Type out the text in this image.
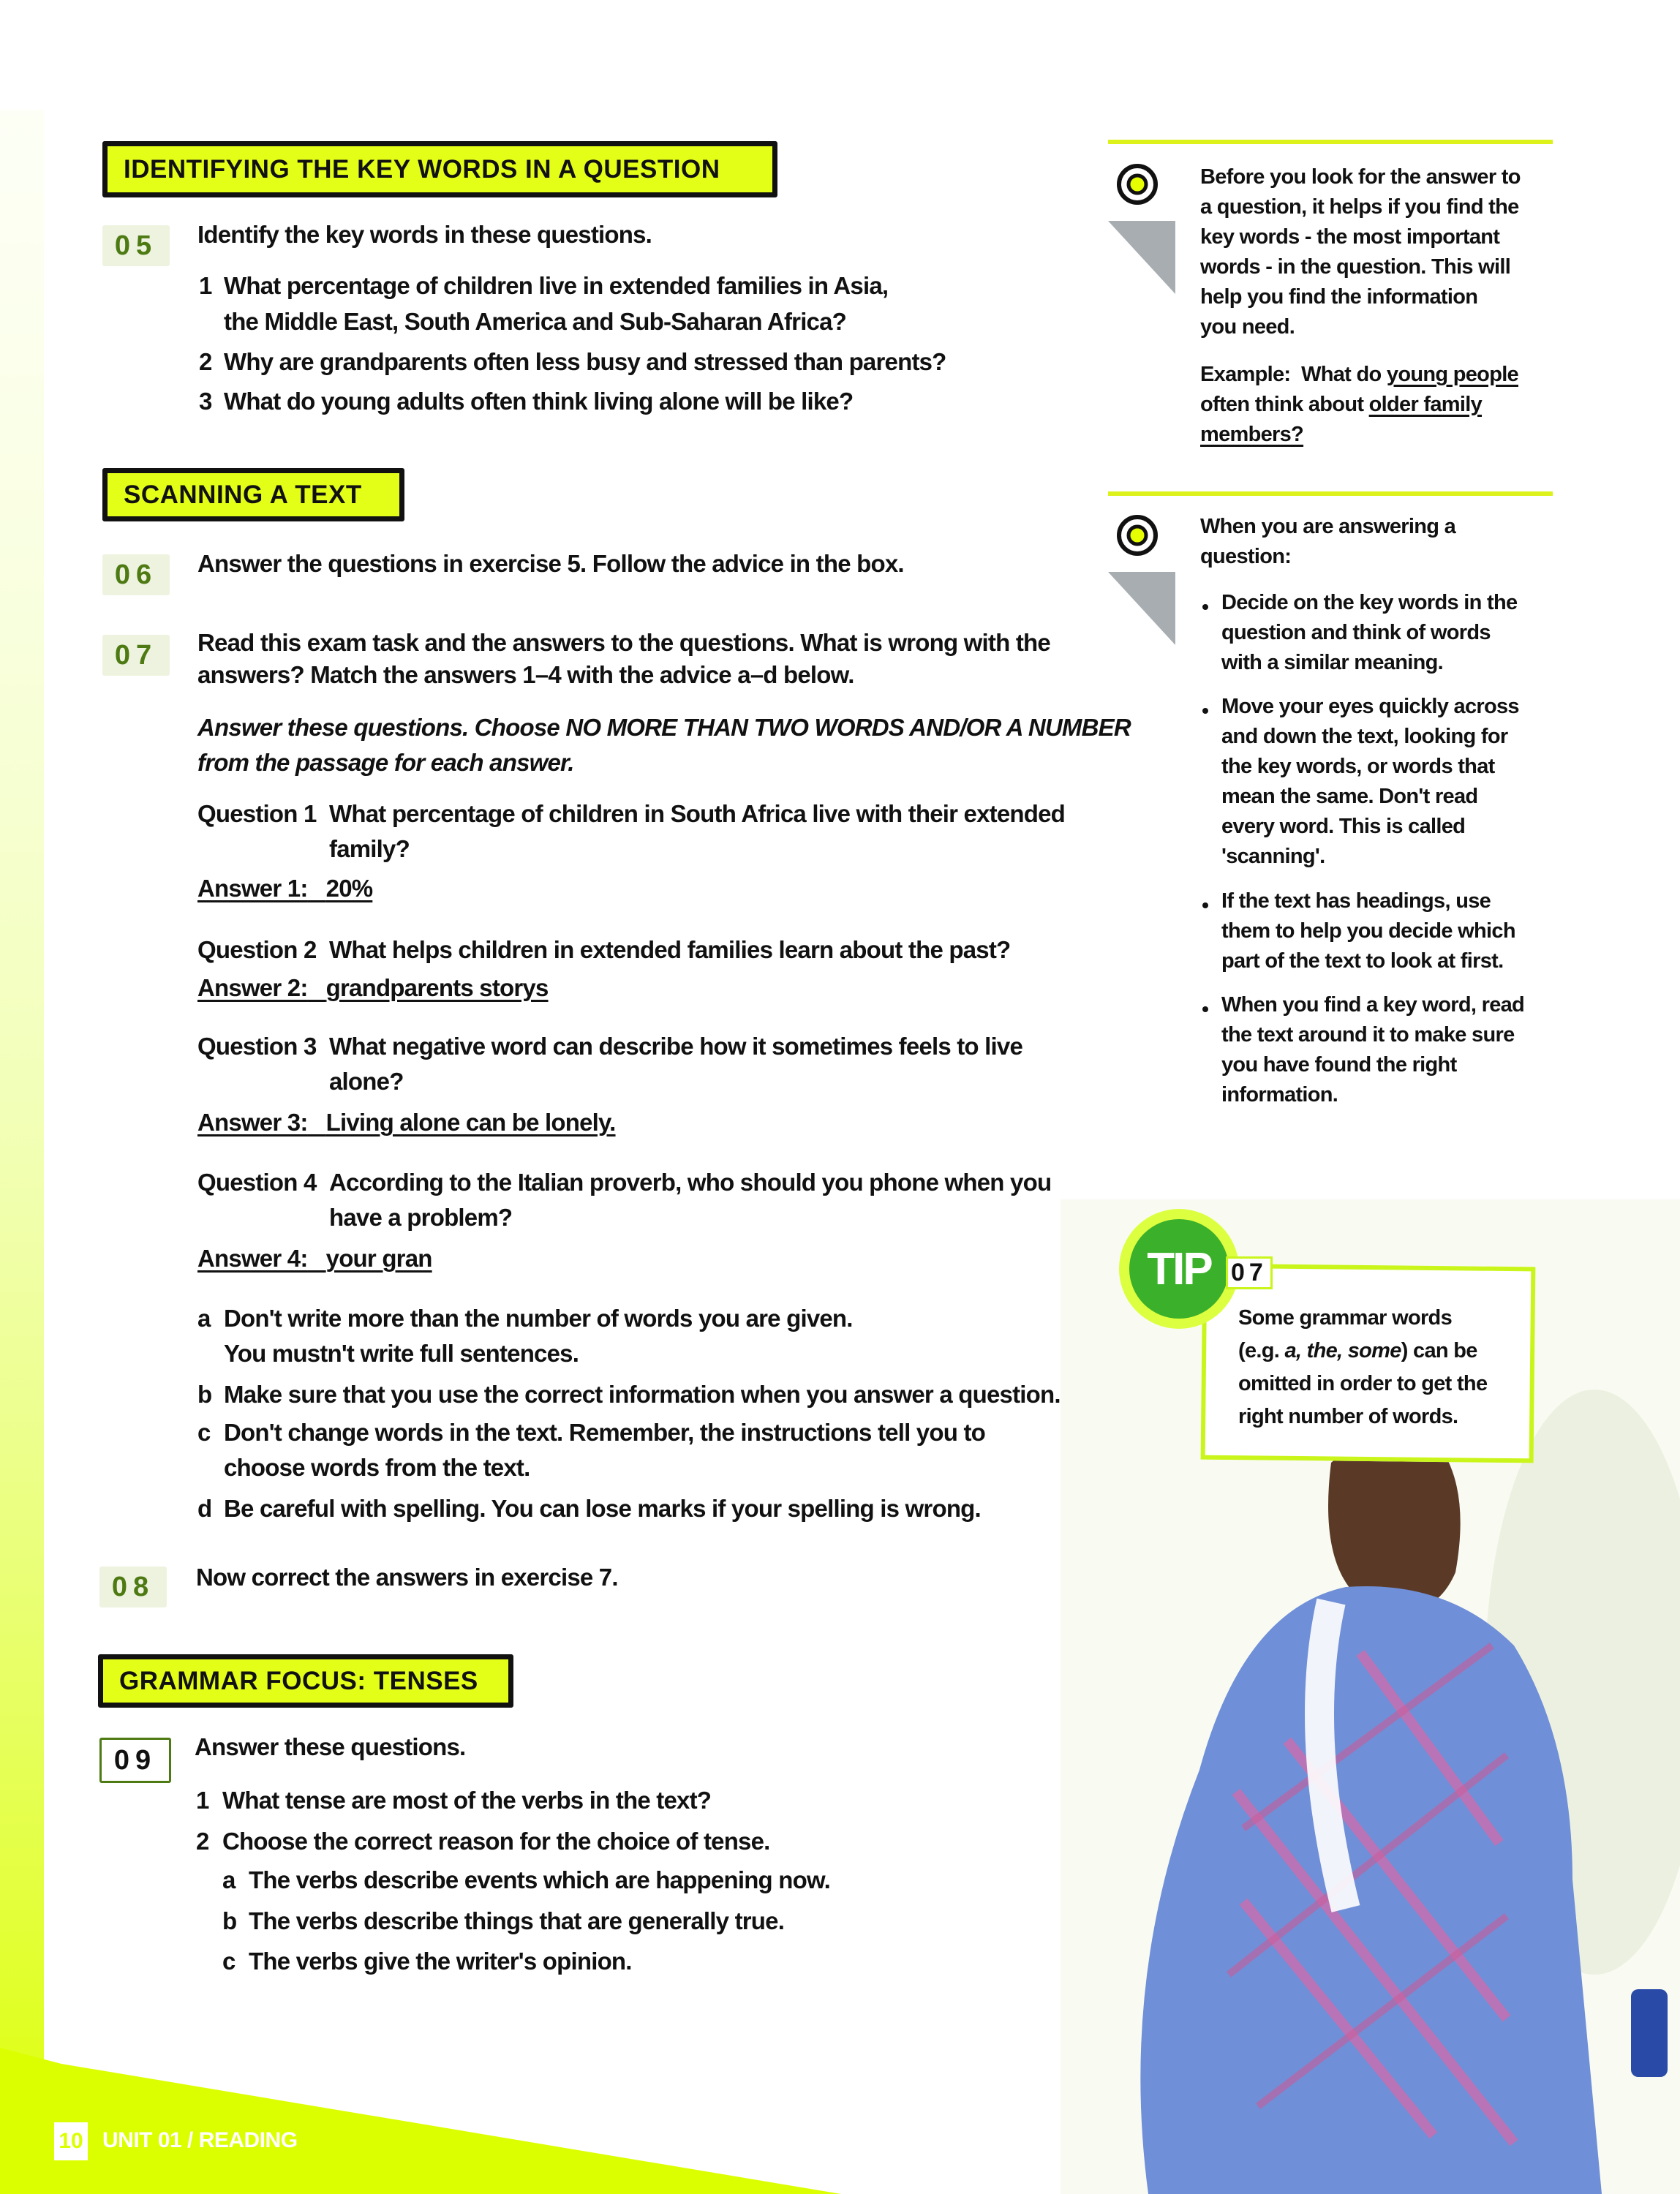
IDENTIFYING THE KEY WORDS IN A QUESTION
05	Identify the key words in these questions.
1 What percentage of children live in extended families in Asia,
the Middle East, South America and Sub-Saharan Africa?
2 Why are grandparents often less busy and stressed than parents?
3 What do young adults often think living alone will be like?
SCANNING A TEXT
06	Answer the questions in exercise 5. Follow the advice in the box.
07	Read this exam task and the answers to the questions. What is wrong with the
answers? Match the answers 1–4 with the advice a–d below.
Answer these questions. Choose NO MORE THAN TWO WORDS AND/OR A NUMBER
from the passage for each answer.
Question 1 What percentage of children in South Africa live with their extended
family?
Answer 1: 20%
Question 2 What helps children in extended families learn about the past?
Answer 2: grandparents storys
Question 3 What negative word can describe how it sometimes feels to live
alone?
Answer 3: Living alone can be lonely.
Question 4 According to the Italian proverb, who should you phone when you
have a problem?
Answer 4: your gran
a Don't write more than the number of words you are given.
You mustn't write full sentences.
b Make sure that you use the correct information when you answer a question.
c Don't change words in the text. Remember, the instructions tell you to
choose words from the text.
d Be careful with spelling. You can lose marks if your spelling is wrong.
08	Now correct the answers in exercise 7.
GRAMMAR FOCUS: TENSES
09	Answer these questions.
1 What tense are most of the verbs in the text?
2 Choose the correct reason for the choice of tense.
a The verbs describe events which are happening now.
b The verbs describe things that are generally true.
c The verbs give the writer's opinion.
Before you look for the answer to
a question, it helps if you find the
key words - the most important
words - in the question. This will
help you find the information
you need.
Example: What do young people
often think about older family
members?
When you are answering a
question:
Decide on the key words in the
question and think of words
with a similar meaning.
Move your eyes quickly across
and down the text, looking for
the key words, or words that
mean the same. Don't read
every word. This is called
'scanning'.
If the text has headings, use
them to help you decide which
part of the text to look at first.
When you find a key word, read
the text around it to make sure
you have found the right
information.
TIP 07
Some grammar words
(e.g. a, the, some) can be
omitted in order to get the
right number of words.
10 UNIT 01 / READING
